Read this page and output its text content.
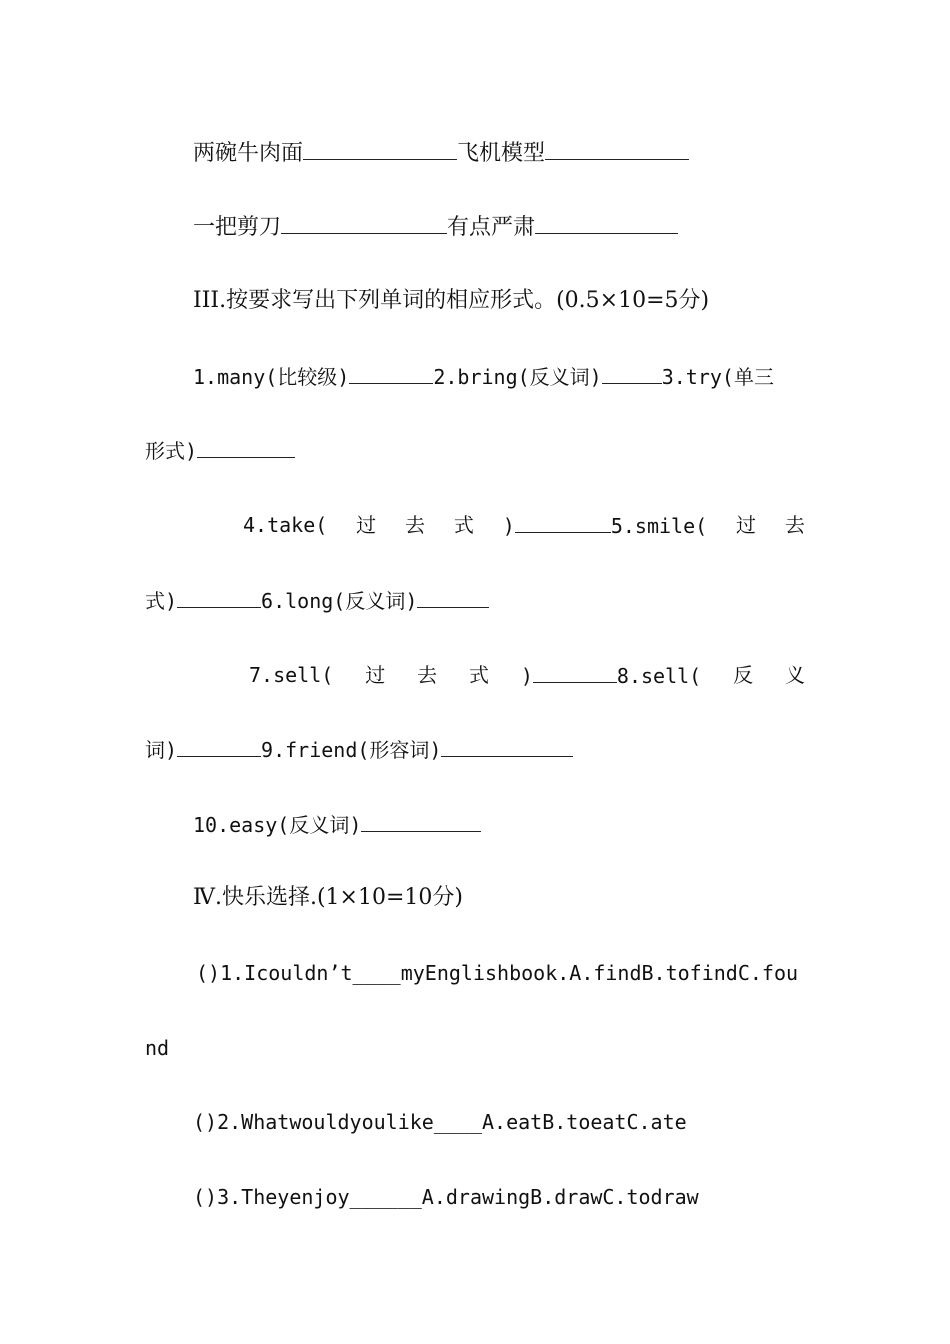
两碗牛肉面	飞机模型
一把剪刀	有点严肃
III.按要求写出下列单词的相应形式。(0.5×10=5分)
1.many(比较级)	2.bring(反义词)	3.try(单三
形式)
4.take( 过 去 式 )	5.smile( 过 去
式)	6.long(反义词)
7.sell( 过 去 式 )	8.sell( 反 义
词)	9.friend(形容词)
10.easy(反义词)
Ⅳ.快乐选择.(1×10=10分)
()1.Icouldn’t____myEnglishbook.A.findB.tofindC.fou
nd
()2.Whatwouldyoulike____A.eatB.toeatC.ate
()3.Theyenjoy______A.drawingB.drawC.todraw
